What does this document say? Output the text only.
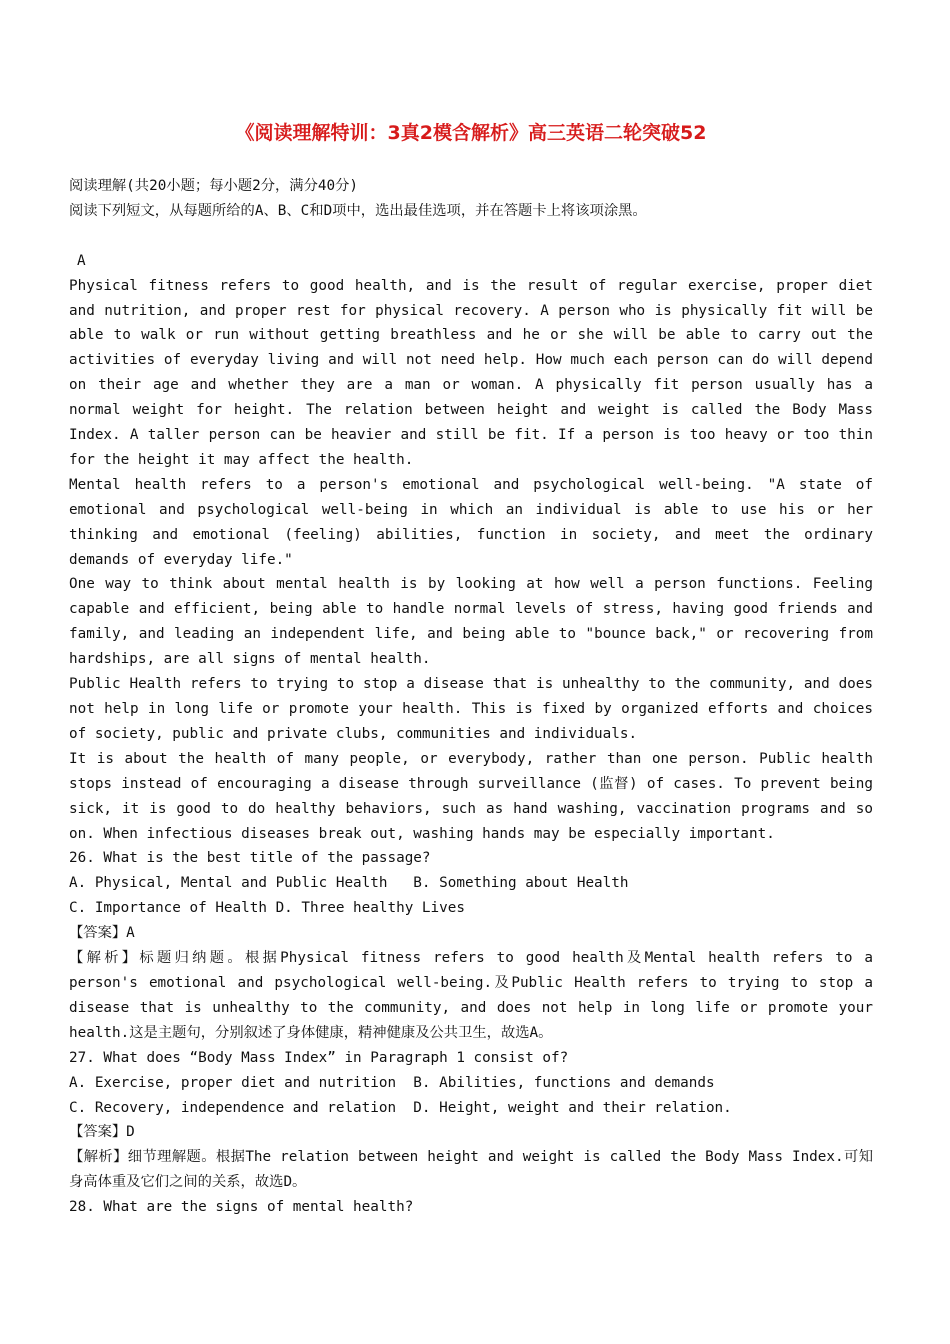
《阅读理解特训：3真2模含解析》高三英语二轮突破52

阅读理解(共20小题；每小题2分，满分40分)

阅读下列短文，从每题所给的A、B、C和D项中，选出最佳选项，并在答题卡上将该项涂黑。

A

Physical fitness refers to good health, and is the result of regular exercise, proper diet and nutrition, and proper rest for physical recovery. A person who is physically fit will be able to walk or run without getting breathless and he or she will be able to carry out the activities of everyday living and will not need help. How much each person can do will depend on their age and whether they are a man or woman. A physically fit person usually has a normal weight for height. The relation between height and weight is called the Body Mass Index. A taller person can be heavier and still be fit. If a person is too heavy or too thin for the height it may affect the health.

Mental health refers to a person's emotional and psychological well-being. "A state of emotional and psychological well-being in which an individual is able to use his or her thinking and emotional (feeling) abilities, function in society, and meet the ordinary demands of everyday life."

One way to think about mental health is by looking at how well a person functions. Feeling capable and efficient, being able to handle normal levels of stress, having good friends and family, and leading an independent life, and being able to "bounce back," or recovering from hardships, are all signs of mental health.

Public Health refers to trying to stop a disease that is unhealthy to the community, and does not help in long life or promote your health. This is fixed by organized efforts and choices of society, public and private clubs, communities and individuals.

It is about the health of many people, or everybody, rather than one person. Public health stops instead of encouraging a disease through surveillance (监督) of cases. To prevent being sick, it is good to do healthy behaviors, such as hand washing, vaccination programs and so on. When infectious diseases break out, washing hands may be especially important.

26. What is the best title of the passage?

A. Physical, Mental and Public Health   B. Something about Health

C. Importance of Health D. Three healthy Lives

【答案】A

【解析】标题归纳题。根据Physical fitness refers to good health及Mental health refers to a person's emotional and psychological well-being.及Public Health refers to trying to stop a disease that is unhealthy to the community, and does not help in long life or promote your health.这是主题句，分别叙述了身体健康，精神健康及公共卫生，故选A。

27. What does “Body Mass Index” in Paragraph 1 consist of?

A. Exercise, proper diet and nutrition  B. Abilities, functions and demands

C. Recovery, independence and relation  D. Height, weight and their relation.

【答案】D

【解析】细节理解题。根据The relation between height and weight is called the Body Mass Index.可知身高体重及它们之间的关系，故选D。

28. What are the signs of mental health?
